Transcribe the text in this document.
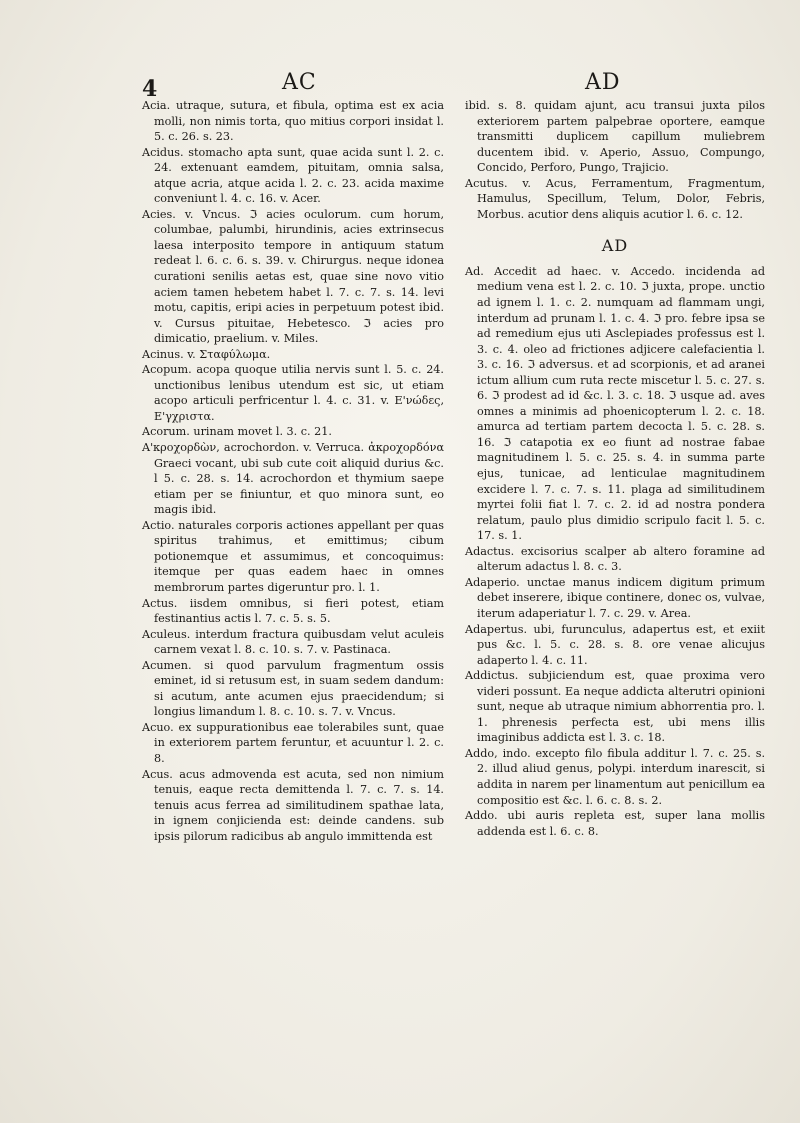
4	AC	AD

Acia. utraque, sutura, et fibula, optima est ex acia molli, non nimis torta, quo mitius corpori insidat l. 5. c. 26. s. 23.

Acidus. stomacho apta sunt, quae acida sunt l. 2. c. 24. extenuant eamdem, pituitam, omnia salsa, atque acria, atque acida l. 2. c. 23. acida maxime conveniunt l. 4. c. 16. v. Acer.

Acies. v. Vncus. ℑ acies oculorum. cum horum, columbae, palumbi, hirundinis, acies extrinsecus laesa interposito tempore in antiquum statum redeat l. 6. c. 6. s. 39. v. Chirurgus. neque idonea curationi senilis aetas est, quae sine novo vitio aciem tamen hebetem habet l. 7. c. 7. s. 14. levi motu, capitis, eripi acies in perpetuum potest ibid. v. Cursus pituitae, Hebetesco. ℑ acies pro dimicatio, praelium. v. Miles.

Acinus. v. Σταφύλωμα.

Acopum. acopa quoque utilia nervis sunt l. 5. c. 24. unctionibus lenibus utendum est sic, ut etiam acopo articuli perfricentur l. 4. c. 31. v. Ε'νώδες, Ε'γχριστα.

Acorum. urinam movet l. 3. c. 21.

Α'κροχορδὼν, acrochordon. v. Verruca. ἀκροχορδόνα Graeci vocant, ubi sub cute coit aliquid durius &c. l 5. c. 28. s. 14. acrochordon et thymium saepe etiam per se finiuntur, et quo minora sunt, eo magis ibid.

Actio. naturales corporis actiones appellant per quas spiritus trahimus, et emittimus; cibum potionemque et assumimus, et concoquimus: itemque per quas eadem haec in omnes membrorum partes digeruntur pro. l. 1.

Actus. iisdem omnibus, si fieri potest, etiam festinantius actis l. 7. c. 5. s. 5.

Aculeus. interdum fractura quibusdam velut aculeis carnem vexat l. 8. c. 10. s. 7. v. Pastinaca.

Acumen. si quod parvulum fragmentum ossis eminet, id si retusum est, in suam sedem dandum: si acutum, ante acumen ejus praecidendum; si longius limandum l. 8. c. 10. s. 7. v. Vncus.

Acuo. ex suppurationibus eae tolerabiles sunt, quae in exteriorem partem feruntur, et acuuntur l. 2. c. 8.

Acus. acus admovenda est acuta, sed non nimium tenuis, eaque recta demittenda l. 7. c. 7. s. 14. tenuis acus ferrea ad similitudinem spathae lata, in ignem conjicienda est: deinde candens. sub ipsis pilorum radicibus ab angulo immittenda est

ibid. s. 8. quidam ajunt, acu transui juxta pilos exteriorem partem palpebrae oportere, eamque transmitti duplicem capillum muliebrem ducentem ibid. v. Aperio, Assuo, Compungo, Concido, Perforo, Pungo, Trajicio.

Acutus. v. Acus, Ferramentum, Fragmentum, Hamulus, Specillum, Telum, Dolor, Febris, Morbus. acutior dens aliquis acutior l. 6. c. 12.

AD

Ad. Accedit ad haec. v. Accedo. incidenda ad medium vena est l. 2. c. 10. ℑ juxta, prope. unctio ad ignem l. 1. c. 2. numquam ad flammam ungi, interdum ad prunam l. 1. c. 4. ℑ pro. febre ipsa se ad remedium ejus uti Asclepiades professus est l. 3. c. 4. oleo ad frictiones adjicere calefacientia l. 3. c. 16. ℑ adversus. et ad scorpionis, et ad aranei ictum allium cum ruta recte miscetur l. 5. c. 27. s. 6. ℑ prodest ad id &c. l. 3. c. 18. ℑ usque ad. aves omnes a minimis ad phoenicopterum l. 2. c. 18. amurca ad tertiam partem decocta l. 5. c. 28. s. 16. ℑ catapotia ex eo fiunt ad nostrae fabae magnitudinem l. 5. c. 25. s. 4. in summa parte ejus, tunicae, ad lenticulae magnitudinem excidere l. 7. c. 7. s. 11. plaga ad similitudinem myrtei folii fiat l. 7. c. 2. id ad nostra pondera relatum, paulo plus dimidio scripulo facit l. 5. c. 17. s. 1.

Adactus. excisorius scalper ab altero foramine ad alterum adactus l. 8. c. 3.

Adaperio. unctae manus indicem digitum primum debet inserere, ibique continere, donec os, vulvae, iterum adaperiatur l. 7. c. 29. v. Area.

Adapertus. ubi, furunculus, adapertus est, et exiit pus &c. l. 5. c. 28. s. 8. ore venae alicujus adaperto l. 4. c. 11.

Addictus. subjiciendum est, quae proxima vero videri possunt. Ea neque addicta alterutri opinioni sunt, neque ab utraque nimium abhorrentia pro. l. 1. phrenesis perfecta est, ubi mens illis imaginibus addicta est l. 3. c. 18.

Addo, indo. excepto filo fibula additur l. 7. c. 25. s. 2. illud aliud genus, polypi. interdum inarescit, si addita in narem per linamentum aut penicillum ea compositio est &c. l. 6. c. 8. s. 2.

Addo. ubi auris repleta est, super lana mollis addenda est l. 6. c. 8.
